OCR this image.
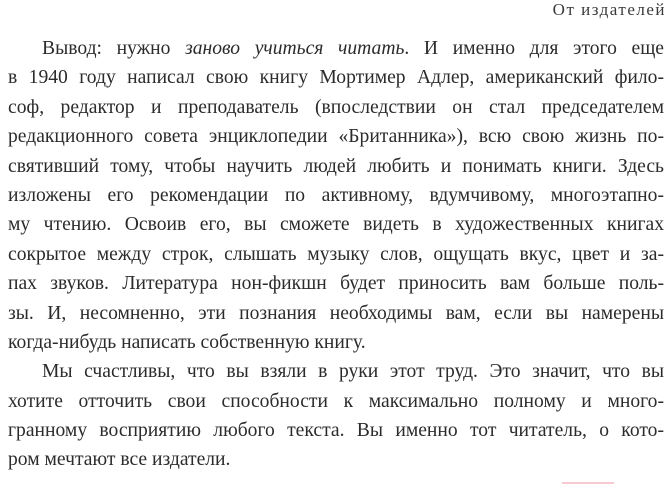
От издателей
Вывод: нужно заново учиться читать. И именно для этого еще
в 1940 году написал свою книгу Мортимер Адлер, американский фило-
соф, редактор и преподаватель (впоследствии он стал председателем
редакционного совета энциклопедии «Британника»), всю свою жизнь по-
святивший тому, чтобы научить людей любить и понимать книги. Здесь
изложены его рекомендации по активному, вдумчивому, многоэтапно-
му чтению. Освоив его, вы сможете видеть в художественных книгах
сокрытое между строк, слышать музыку слов, ощущать вкус, цвет и за-
пах звуков. Литература нон-фикшн будет приносить вам больше поль-
зы. И, несомненно, эти познания необходимы вам, если вы намерены
когда-нибудь написать собственную книгу.
Мы счастливы, что вы взяли в руки этот труд. Это значит, что вы
хотите отточить свои способности к максимально полному и много-
гранному восприятию любого текста. Вы именно тот читатель, о кото-
ром мечтают все издатели.
